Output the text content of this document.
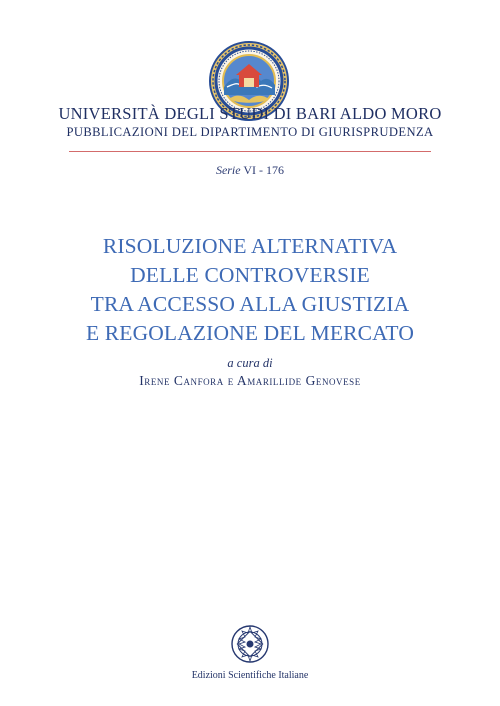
UNIVERSITÀ DEGLI STUDI DI BARI ALDO MORO
PUBBLICAZIONI DEL DIPARTIMENTO DI GIURISPRUDENZA
Serie VI - 176
RISOLUZIONE ALTERNATIVA
DELLE CONTROVERSIE
TRA ACCESSO ALLA GIUSTIZIA
E REGOLAZIONE DEL MERCATO
a cura di
Irene Canfora e Amarillide Genovese
Edizioni Scientifiche Italiane
